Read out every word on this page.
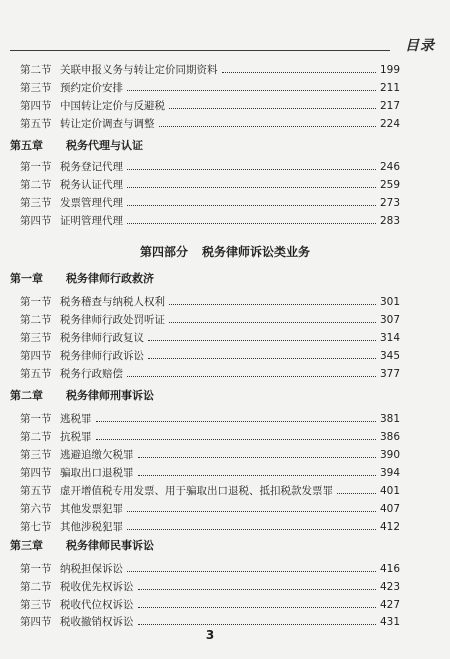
目录
第二节 关联申报义务与转让定价同期资料	199
第三节 预约定价安排	211
第四节 中国转让定价与反避税	217
第五节 转让定价调查与调整	224
第五章 税务代理与认证
第一节 税务登记代理	246
第二节 税务认证代理	259
第三节 发票管理代理	273
第四节 证明管理代理	283
第四部分 税务律师诉讼类业务
第一章 税务律师行政救济
第一节 税务稽查与纳税人权利	301
第二节 税务律师行政处罚听证	307
第三节 税务律师行政复议	314
第四节 税务律师行政诉讼	345
第五节 税务行政赔偿	377
第二章 税务律师刑事诉讼
第一节 逃税罪	381
第二节 抗税罪	386
第三节 逃避追缴欠税罪	390
第四节 骗取出口退税罪	394
第五节 虚开增值税专用发票、用于骗取出口退税、抵扣税款发票罪	401
第六节 其他发票犯罪	407
第七节 其他涉税犯罪	412
第三章 税务律师民事诉讼
第一节 纳税担保诉讼	416
第二节 税收优先权诉讼	423
第三节 税收代位权诉讼	427
第四节 税收撤销权诉讼	431
3
